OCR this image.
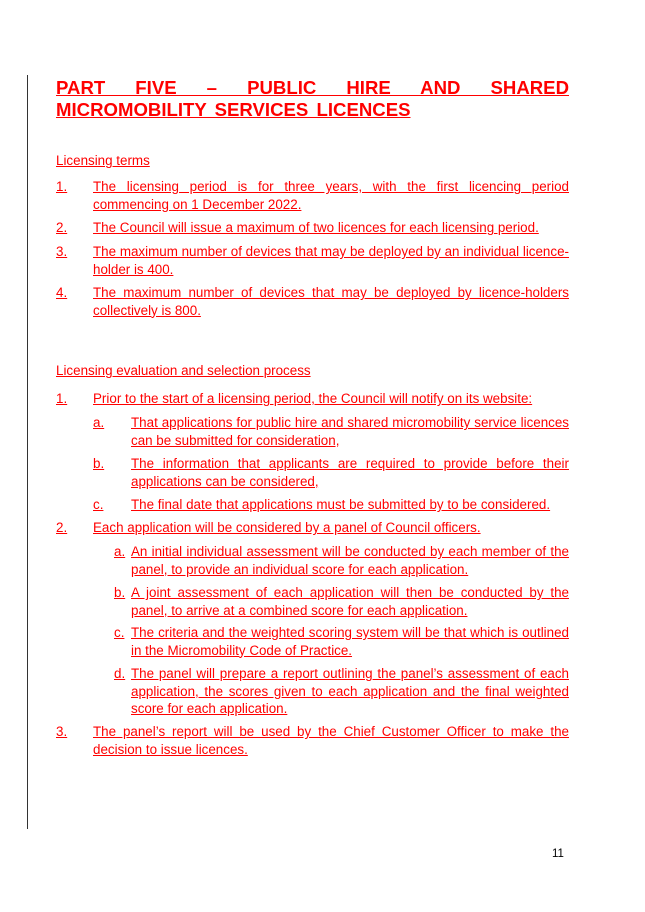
PART FIVE – PUBLIC HIRE AND SHARED MICROMOBILITY SERVICES LICENCES
Licensing terms
1.	The licensing period is for three years, with the first licencing period commencing on 1 December 2022.
2.	The Council will issue a maximum of two licences for each licensing period.
3.	The maximum number of devices that may be deployed by an individual licence-holder is 400.
4.	The maximum number of devices that may be deployed by licence-holders collectively is 800.
Licensing evaluation and selection process
1.	Prior to the start of a licensing period, the Council will notify on its website:
a.	That applications for public hire and shared micromobility service licences can be submitted for consideration,
b.	The information that applicants are required to provide before their applications can be considered,
c.	The final date that applications must be submitted by to be considered.
2.	Each application will be considered by a panel of Council officers.
a. An initial individual assessment will be conducted by each member of the panel, to provide an individual score for each application.
b. A joint assessment of each application will then be conducted by the panel, to arrive at a combined score for each application.
c. The criteria and the weighted scoring system will be that which is outlined in the Micromobility Code of Practice.
d. The panel will prepare a report outlining the panel’s assessment of each application, the scores given to each application and the final weighted score for each application.
3.	The panel’s report will be used by the Chief Customer Officer to make the decision to issue licences.
11
